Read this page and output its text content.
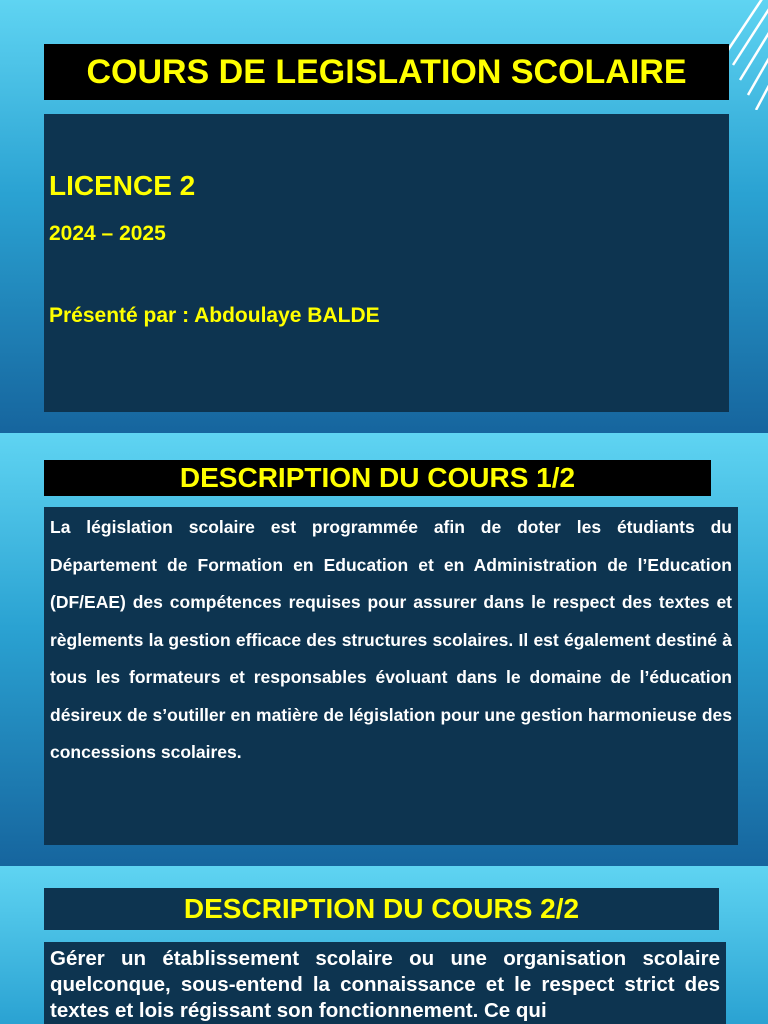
COURS DE LEGISLATION SCOLAIRE
LICENCE 2
2024 – 2025
Présenté par : Abdoulaye BALDE
DESCRIPTION DU COURS 1/2

La législation scolaire est programmée afin de doter les étudiants du Département de Formation en Education et en Administration de l’Education (DF/EAE) des compétences requises pour assurer dans le respect des textes et règlements la gestion efficace des structures scolaires. Il est également destiné à tous les formateurs et responsables évoluant dans le domaine de l’éducation désireux de s’outiller en matière de législation pour une gestion harmonieuse des concessions scolaires.

DESCRIPTION DU COURS 2/2

Gérer un établissement scolaire ou une organisation scolaire quelconque, sous-entend la connaissance et le respect strict des textes et lois régissant son fonctionnement. Ce qui
